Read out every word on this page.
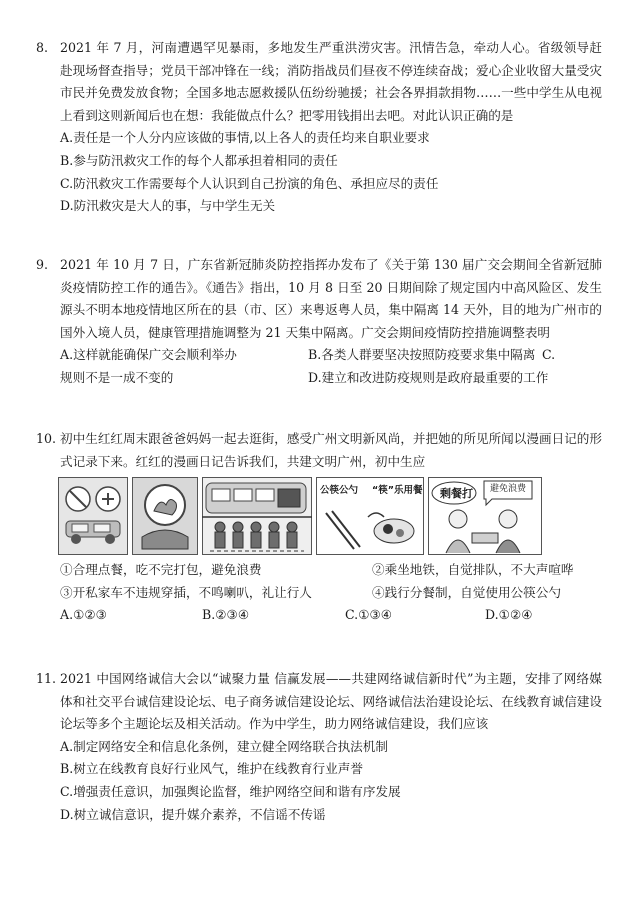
8. 2021 年 7 月，河南遭遇罕见暴雨，多地发生严重洪涝灾害。汛情告急，牵动人心。省级领导赶赴现场督查指导；党员干部冲锋在一线；消防指战员们昼夜不停连续奋战；爱心企业收留大量受灾市民并免费发放食物；全国多地志愿救援队伍纷纷驰援；社会各界捐款捐物……一些中学生从电视上看到这则新闻后也在想：我能做点什么？把零用钱捐出去吧。对此认识正确的是
A.责任是一个人分内应该做的事情,以上各人的责任均来自职业要求
B.参与防汛救灾工作的每个人都承担着相同的责任
C.防汛救灾工作需要每个人认识到自己扮演的角色、承担应尽的责任
D.防汛救灾是大人的事，与中学生无关
9. 2021 年 10 月 7 日，广东省新冠肺炎防控指挥办发布了《关于第 130 届广交会期间全省新冠肺炎疫情防控工作的通告》。《通告》指出，10 月 8 日至 20 日期间除了规定国内中高风险区、发生源头不明本地疫情地区所在的县（市、区）来粤返粤人员，集中隔离 14 天外，目的地为广州市的国外入境人员，健康管理措施调整为 21 天集中隔离。广交会期间疫情防控措施调整表明
A.这样就能确保广交会顺利举办	B.各类人群要坚决按照防疫要求集中隔离 C.
规则不是一成不变的	D.建立和改进防疫规则是政府最重要的工作
10. 初中生红红周末跟爸爸妈妈一起去逛街，感受广州文明新风尚，并把她的所见所闻以漫画日记的形式记录下来。红红的漫画日记告诉我们，共建文明广州，初中生应
公筷公勺 “筷”乐用餐 剩餐打 避免浪费
①合理点餐，吃不完打包，避免浪费	②乘坐地铁，自觉排队，不大声喧哗
③开私家车不违规穿插，不鸣喇叭，礼让行人	④践行分餐制，自觉使用公筷公勺
A.①②③	B.②③④	C.①③④	D.①②④
11. 2021 中国网络诚信大会以“诚聚力量 信赢发展——共建网络诚信新时代”为主题，安排了网络媒体和社交平台诚信建设论坛、电子商务诚信建设论坛、网络诚信法治建设论坛、在线教育诚信建设论坛等多个主题论坛及相关活动。作为中学生，助力网络诚信建设，我们应该
A.制定网络安全和信息化条例，建立健全网络联合执法机制
B.树立在线教育良好行业风气，维护在线教育行业声誉
C.增强责任意识，加强舆论监督，维护网络空间和谐有序发展
D.树立诚信意识，提升媒介素养，不信谣不传谣
